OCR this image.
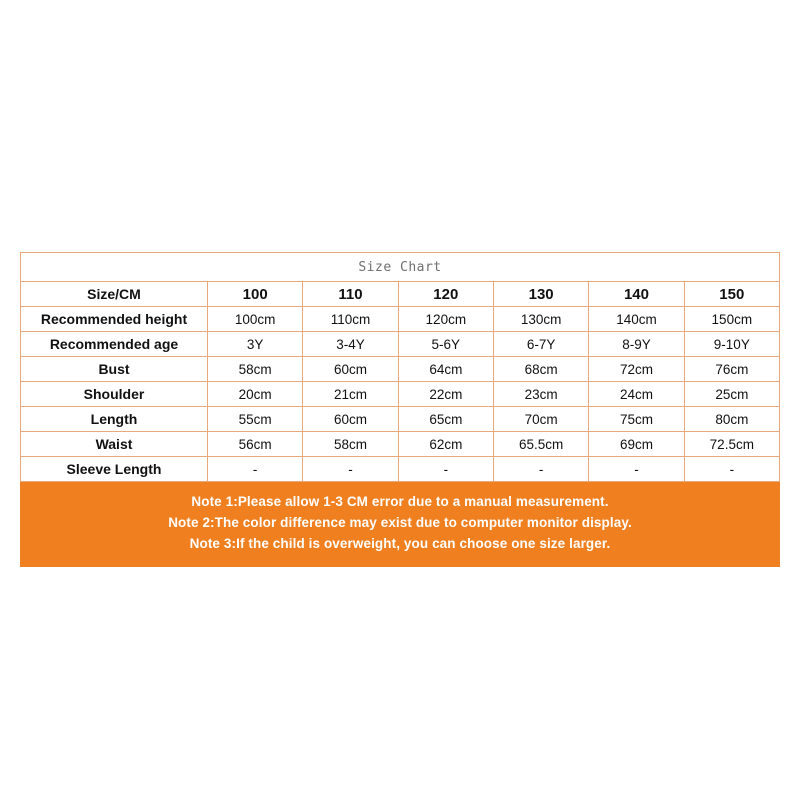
Size Chart
Size/CM	100	110	120	130	140	150
Recommended height	100cm	110cm	120cm	130cm	140cm	150cm
Recommended age	3Y	3-4Y	5-6Y	6-7Y	8-9Y	9-10Y
Bust	58cm	60cm	64cm	68cm	72cm	76cm
Shoulder	20cm	21cm	22cm	23cm	24cm	25cm
Length	55cm	60cm	65cm	70cm	75cm	80cm
Waist	56cm	58cm	62cm	65.5cm	69cm	72.5cm
Sleeve Length	-	-	-	-	-	-
Note 1:Please allow 1-3 CM error due to a manual measurement.
Note 2:The color difference may exist due to computer monitor display.
Note 3:If the child is overweight, you can choose one size larger.
